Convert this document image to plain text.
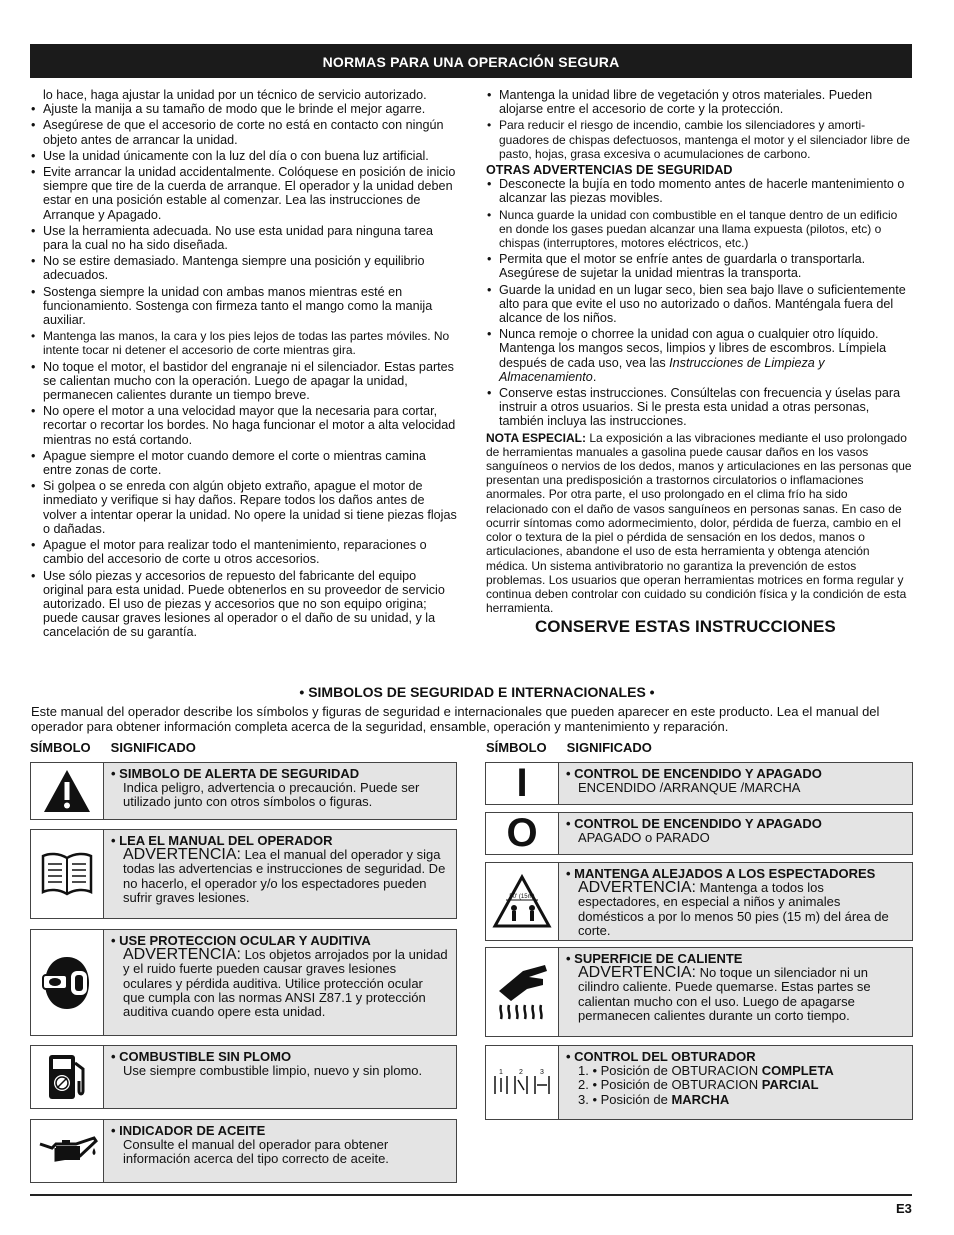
NORMAS PARA UNA OPERACIÓN SEGURA

lo hace, haga ajustar la unidad por un técnico de servicio autorizado.

• Ajuste la manija a su tamaño de modo que le brinde el mejor agarre.
• Asegúrese de que el accesorio de corte no está en contacto con ningún objeto antes de arrancar la unidad.
• Use la unidad únicamente con la luz del día o con buena luz artificial.
• Evite arrancar la unidad accidentalmente. Colóquese en posición de inicio siempre que tire de la cuerda de arranque. El operador y la unidad deben estar en una posición estable al comenzar. Lea las instrucciones de Arranque y Apagado.
• Use la herramienta adecuada. No use esta unidad para ninguna tarea para la cual no ha sido diseñada.
• No se estire demasiado. Mantenga siempre una posición y equilibrio adecuados.
• Sostenga siempre la unidad con ambas manos mientras esté en funcionamiento. Sostenga con firmeza tanto el mango como la manija auxiliar.
• Mantenga las manos, la cara y los pies lejos de todas las partes móviles. No intente tocar ni detener el accesorio de corte mientras gira.
• No toque el motor, el bastidor del engranaje ni el silenciador. Estas partes se calientan mucho con la operación. Luego de apagar la unidad, permanecen calientes durante un tiempo breve.
• No opere el motor a una velocidad mayor que la necesaria para cortar, recortar o recortar los bordes. No haga funcionar el motor a alta velocidad mientras no está cortando.
• Apague siempre el motor cuando demore el corte o mientras camina entre zonas de corte.
• Si golpea o se enreda con algún objeto extraño, apague el motor de inmediato y verifique si hay daños. Repare todos los daños antes de volver a intentar operar la unidad. No opere la unidad si tiene piezas flojas o dañadas.
• Apague el motor para realizar todo el mantenimiento, reparaciones o cambio del accesorio de corte u otros accesorios.
• Use sólo piezas y accesorios de repuesto del fabricante del equipo original para esta unidad. Puede obtenerlos en su proveedor de servicio autorizado. El uso de piezas y accesorios que no son equipo origina; puede causar graves lesiones al operador o el daño de su unidad, y la cancelación de su garantía.
• Mantenga la unidad libre de vegetación y otros materiales. Pueden alojarse entre el accesorio de corte y la protección.
• Para reducir el riesgo de incendio, cambie los silenciadores y amorti-guadores de chispas defectuosos, mantenga el motor y el silenciador libre de pasto, hojas, grasa excesiva o acumulaciones de carbono.

OTRAS ADVERTENCIAS DE SEGURIDAD

• Desconecte la bujía en todo momento antes de hacerle mantenimiento o alcanzar las piezas movibles.
• Nunca guarde la unidad con combustible en el tanque dentro de un edificio en donde los gases puedan alcanzar una llama expuesta (pilotos, etc) o chispas (interruptores, motores eléctricos, etc.)
• Permita que el motor se enfríe antes de guardarla o transportarla. Asegúrese de sujetar la unidad mientras la transporta.
• Guarde la unidad en un lugar seco, bien sea bajo llave o suficientemente alto para que evite el uso no autorizado o daños. Manténgala fuera del alcance de los niños.
• Nunca remoje o chorree la unidad con agua o cualquier otro líquido. Mantenga los mangos secos, limpios y libres de escombros. Límpiela después de cada uso, vea las Instrucciones de Limpieza y Almacenamiento.
• Conserve estas instrucciones. Consúltelas con frecuencia y úselas para instruir a otros usuarios. Si le presta esta unidad a otras personas, también incluya las instrucciones.

NOTA ESPECIAL: La exposición a las vibraciones mediante el uso prolongado de herramientas manuales a gasolina puede causar daños en los vasos sanguíneos o nervios de los dedos, manos y articulaciones en las personas que presentan una predisposición a trastornos circulatorios o inflamaciones anormales. Por otra parte, el uso prolongado en el clima frío ha sido relacionado con el daño de vasos sanguíneos en personas sanas. En caso de ocurrir síntomas como adormecimiento, dolor, pérdida de fuerza, cambio en el color o textura de la piel o pérdida de sensación en los dedos, manos o articulaciones, abandone el uso de esta herramienta y obtenga atención médica. Un sistema antivibratorio no garantiza la prevención de estos problemas. Los usuarios que operan herramientas motrices en forma regular y continua deben controlar con cuidado su condición física y la condición de esta herramienta.

CONSERVE ESTAS INSTRUCCIONES
• SIMBOLOS DE SEGURIDAD E INTERNACIONALES •
Este manual del operador describe los símbolos y figuras de seguridad e internacionales que pueden aparecer en este producto. Lea el manual del operador para obtener información completa acerca de la seguridad, ensamble, operación y mantenimiento y reparación.
SÍMBOLO SIGNIFICADO	SÍMBOLO SIGNIFICADO
• SIMBOLO DE ALERTA DE SEGURIDAD
Indica peligro, advertencia o precaución. Puede ser utilizado junto con otros símbolos o figuras.
• LEA EL MANUAL DEL OPERADOR
ADVERTENCIA: Lea el manual del operador y siga todas las advertencias e instrucciones de seguridad. De no hacerlo, el operador y/o los espectadores pueden sufrir graves lesiones.
• USE PROTECCION OCULAR Y AUDITIVA
ADVERTENCIA: Los objetos arrojados por la unidad y el ruido fuerte pueden causar graves lesiones oculares y pérdida auditiva. Utilice protección ocular que cumpla con las normas ANSI Z87.1 y protección auditiva cuando opere esta unidad.
• COMBUSTIBLE SIN PLOMO
Use siempre combustible limpio, nuevo y sin plomo.
• INDICADOR DE ACEITE
Consulte el manual del operador para obtener información acerca del tipo correcto de aceite.
I	• CONTROL DE ENCENDIDO Y APAGADO
ENCENDIDO /ARRANQUE /MARCHA
O	• CONTROL DE ENCENDIDO Y APAGADO
APAGADO o PARADO
50' (15m)
• MANTENGA ALEJADOS A LOS ESPECTADORES
ADVERTENCIA: Mantenga a todos los espectadores, en especial a niños y animales domésticos a por lo menos 50 pies (15 m) del área de corte.
• SUPERFICIE DE CALIENTE
ADVERTENCIA: No toque un silenciador ni un cilindro caliente. Puede quemarse. Estas partes se calientan mucho con el uso. Luego de apagarse permanecen calientes durante un corto tiempo.
1 2 3
• CONTROL DEL OBTURADOR
1. • Posición de OBTURACION COMPLETA
2. • Posición de OBTURACION PARCIAL
3. • Posición de MARCHA
E3
